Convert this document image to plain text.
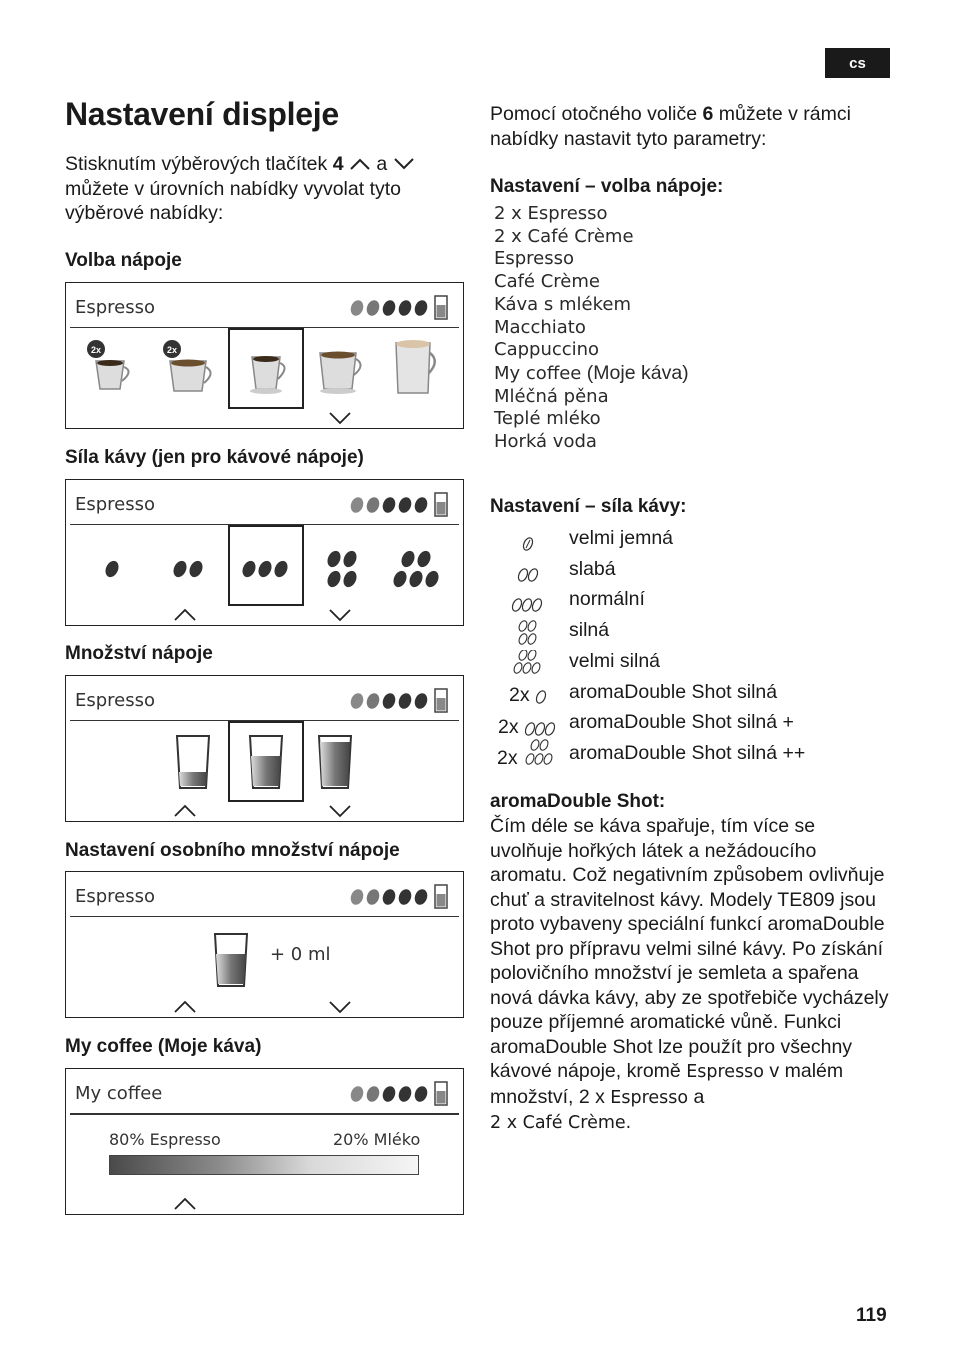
cs
119
Nastavení displeje
Stisknutím výběrových tlačítek 4  a  můžete v úrovních nabídky vyvolat tyto výběrové nabídky:
Volba nápoje
Espresso
2x	2x
Síla kávy (jen pro kávové nápoje)
Espresso
Množství nápoje
Espresso
Nastavení osobního množství nápoje
Espresso
+ 0 ml
My coffee (Moje káva)
My coffee
80% Espresso	20% Mléko
Pomocí otočného voliče 6 můžete v rámci nabídky nastavit tyto parametry:
Nastavení – volba nápoje:
2 x Espresso
2 x Café Crème
Espresso
Café Crème
Káva s mlékem
Macchiato
Cappuccino
My coffee (Moje káva)
Mléčná pěna
Teplé mléko
Horká voda
Nastavení – síla kávy:
velmi jemná
slabá
normální
silná
velmi silná
2x aromaDouble Shot silná
2x	aromaDouble Shot silná +
2x	aromaDouble Shot silná ++
aromaDouble Shot:
Čím déle se káva spařuje, tím více se uvolňuje hořkých látek a nežádoucího aromatu. Což negativním způsobem ovlivňuje chuť a stravitelnost kávy. Modely TE809 jsou proto vybaveny speciální funkcí aromaDouble Shot pro přípravu velmi silné kávy. Po získání polovičního množství je semleta a spařena nová dávka kávy, aby ze spotřebiče vycházely pouze příjemné aromatické vůně. Funkci aromaDouble Shot lze použít pro všechny kávové nápoje, kromě Espresso v malém množství, 2 x Espresso a
2 x Café Crème.
